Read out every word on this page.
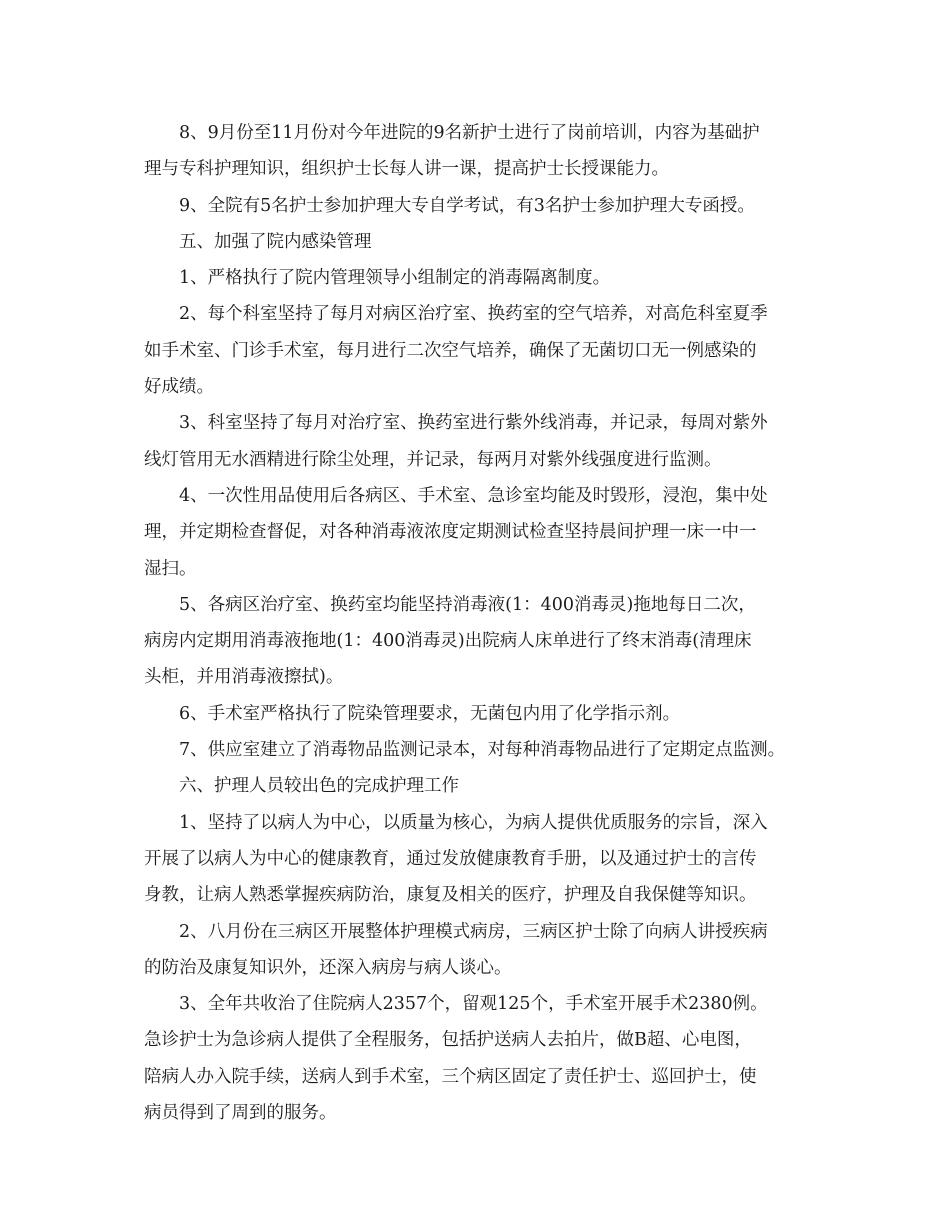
8、9月份至11月份对今年进院的9名新护士进行了岗前培训，内容为基础护
理与专科护理知识，组织护士长每人讲一课，提高护士长授课能力。
9、全院有5名护士参加护理大专自学考试，有3名护士参加护理大专函授。
五、加强了院内感染管理
1、严格执行了院内管理领导小组制定的消毒隔离制度。
2、每个科室坚持了每月对病区治疗室、换药室的空气培养，对高危科室夏季
如手术室、门诊手术室，每月进行二次空气培养，确保了无菌切口无一例感染的
好成绩。
3、科室坚持了每月对治疗室、换药室进行紫外线消毒，并记录，每周对紫外
线灯管用无水酒精进行除尘处理，并记录，每两月对紫外线强度进行监测。
4、一次性用品使用后各病区、手术室、急诊室均能及时毁形，浸泡，集中处
理，并定期检查督促，对各种消毒液浓度定期测试检查坚持晨间护理一床一中一
湿扫。
5、各病区治疗室、换药室均能坚持消毒液(1：400消毒灵)拖地每日二次，
病房内定期用消毒液拖地(1：400消毒灵)出院病人床单进行了终末消毒(清理床
头柜，并用消毒液擦拭)。
6、手术室严格执行了院染管理要求，无菌包内用了化学指示剂。
7、供应室建立了消毒物品监测记录本，对每种消毒物品进行了定期定点监测。
六、护理人员较出色的完成护理工作
1、坚持了以病人为中心，以质量为核心，为病人提供优质服务的宗旨，深入
开展了以病人为中心的健康教育，通过发放健康教育手册，以及通过护士的言传
身教，让病人熟悉掌握疾病防治，康复及相关的医疗，护理及自我保健等知识。
2、八月份在三病区开展整体护理模式病房，三病区护士除了向病人讲授疾病
的防治及康复知识外，还深入病房与病人谈心。
3、全年共收治了住院病人2357个，留观125个，手术室开展手术2380例。
急诊护士为急诊病人提供了全程服务，包括护送病人去拍片，做B超、心电图，
陪病人办入院手续，送病人到手术室，三个病区固定了责任护士、巡回护士，使
病员得到了周到的服务。
